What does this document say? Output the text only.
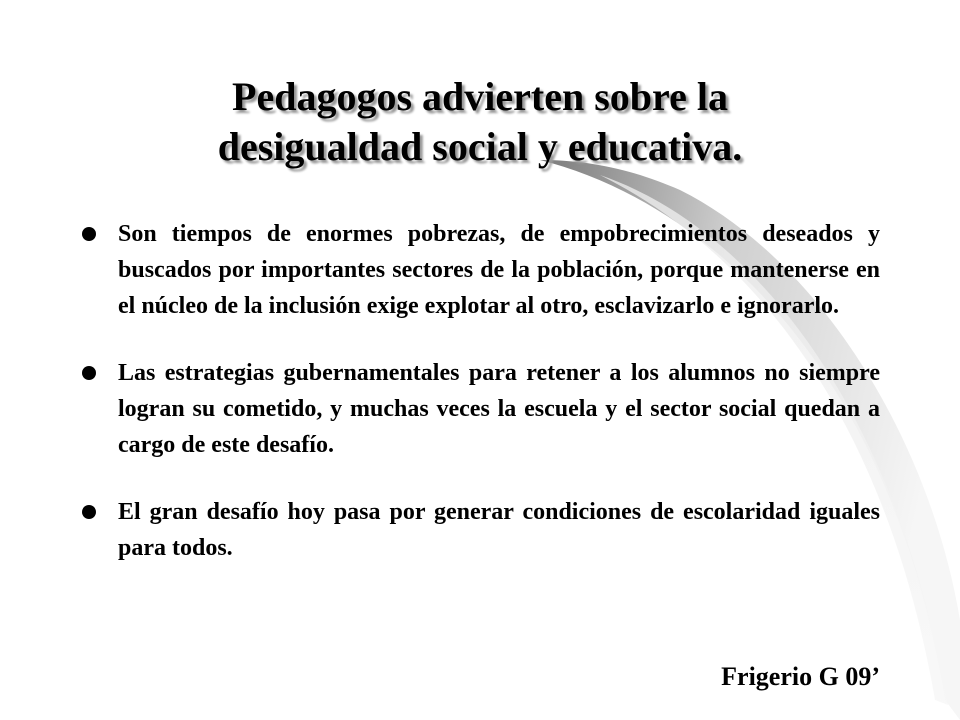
Pedagogos advierten sobre la
desigualdad social y educativa.
Son tiempos de enormes pobrezas, de empobrecimientos deseados y buscados por importantes sectores de la población, porque mantenerse en el núcleo de la inclusión exige explotar al otro, esclavizarlo e ignorarlo.
Las estrategias gubernamentales para retener a los alumnos no siempre logran su cometido, y muchas veces la escuela y el sector social quedan a cargo de este desafío.
El gran desafío hoy pasa por generar condiciones de escolaridad iguales para todos.
Frigerio G 09’
